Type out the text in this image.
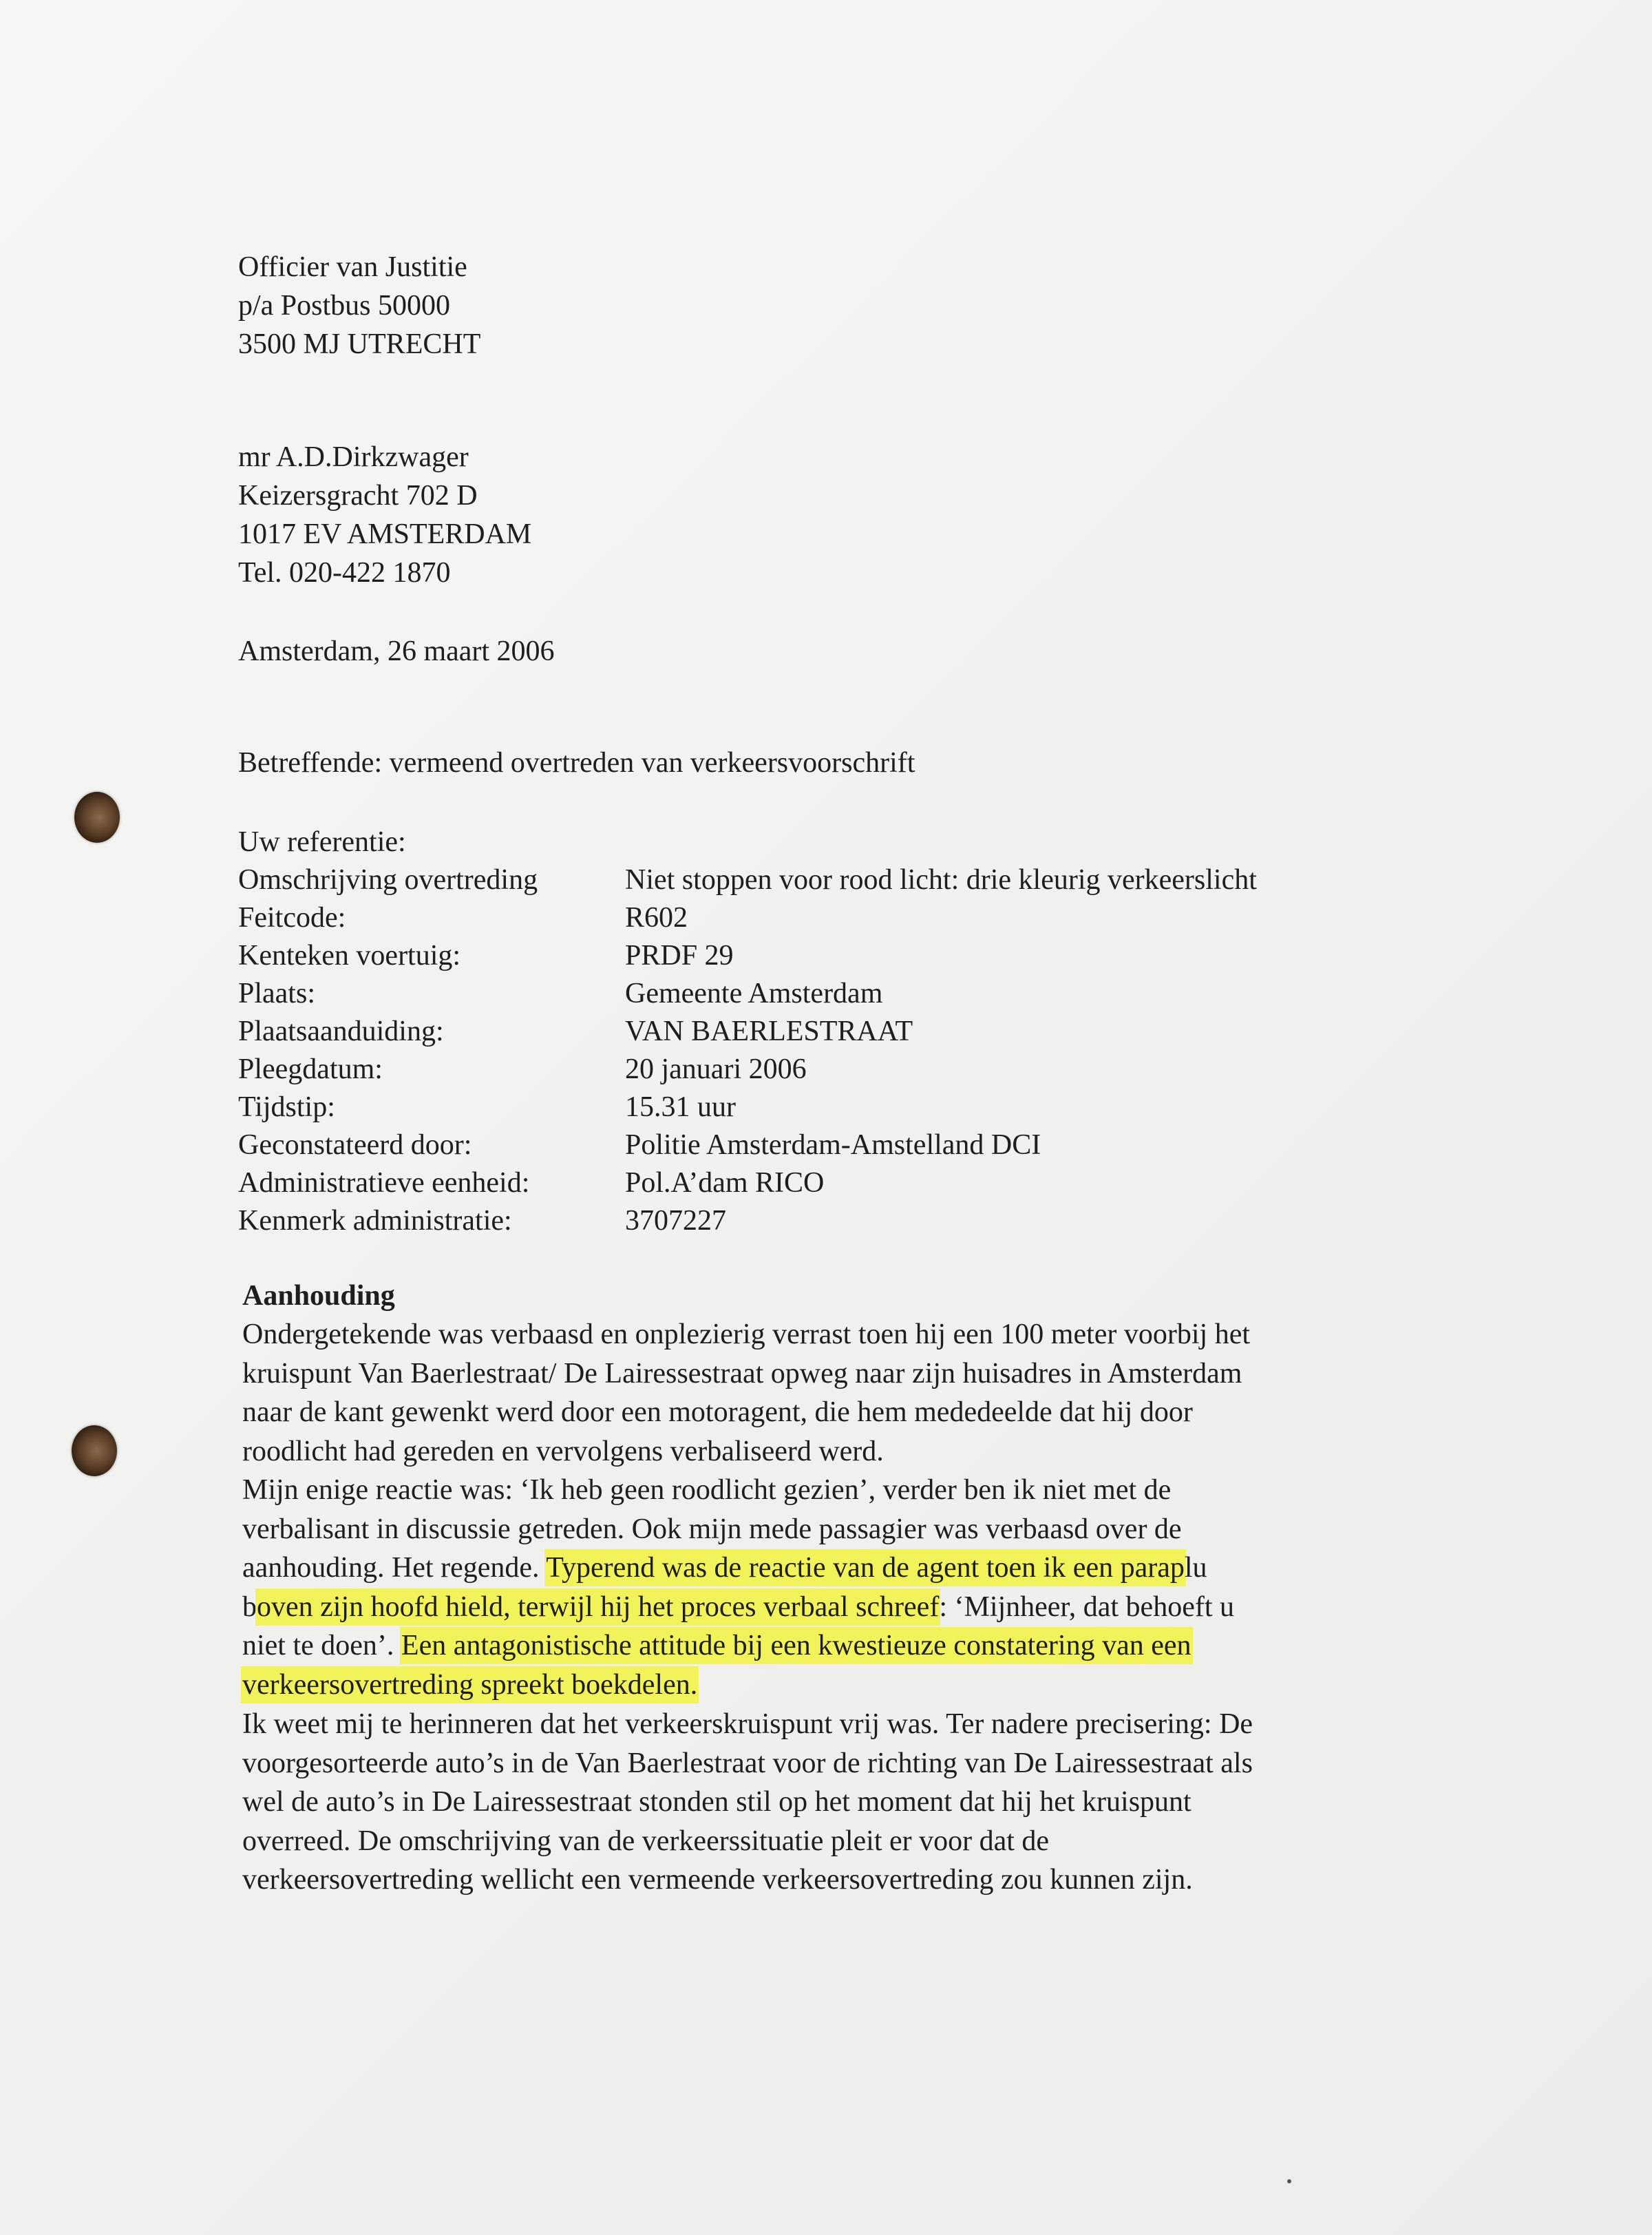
Officier van Justitie
p/a Postbus 50000
3500 MJ UTRECHT
mr A.D.Dirkzwager
Keizersgracht 702 D
1017 EV AMSTERDAM
Tel. 020-422 1870
Amsterdam, 26 maart 2006
Betreffende: vermeend overtreden van verkeersvoorschrift
Uw referentie:
Omschrijving overtreding	Niet stoppen voor rood licht: drie kleurig verkeerslicht
Feitcode:	R602
Kenteken voertuig:	PRDF 29
Plaats:	Gemeente Amsterdam
Plaatsaanduiding:	VAN BAERLESTRAAT
Pleegdatum:	20 januari 2006
Tijdstip:	15.31 uur
Geconstateerd door:	Politie Amsterdam-Amstelland DCI
Administratieve eenheid:	Pol.A’dam RICO
Kenmerk administratie:	3707227
Aanhouding
Ondergetekende was verbaasd en onplezierig verrast toen hij een 100 meter voorbij het
kruispunt Van Baerlestraat/ De Lairessestraat opweg naar zijn huisadres in Amsterdam
naar de kant gewenkt werd door een motoragent, die hem mededeelde dat hij door
roodlicht had gereden en vervolgens verbaliseerd werd.
Mijn enige reactie was: ‘Ik heb geen roodlicht gezien’, verder ben ik niet met de
verbalisant in discussie getreden. Ook mijn mede passagier was verbaasd over de
aanhouding. Het regende. Typerend was de reactie van de agent toen ik een paraplu
boven zijn hoofd hield, terwijl hij het proces verbaal schreef: ‘Mijnheer, dat behoeft u
niet te doen’. Een antagonistische attitude bij een kwestieuze constatering van een
verkeersovertreding spreekt boekdelen.
Ik weet mij te herinneren dat het verkeerskruispunt vrij was. Ter nadere precisering: De
voorgesorteerde auto’s in de Van Baerlestraat voor de richting van De Lairessestraat als
wel de auto’s in De Lairessestraat stonden stil op het moment dat hij het kruispunt
overreed. De omschrijving van de verkeerssituatie pleit er voor dat de
verkeersovertreding wellicht een vermeende verkeersovertreding zou kunnen zijn.
